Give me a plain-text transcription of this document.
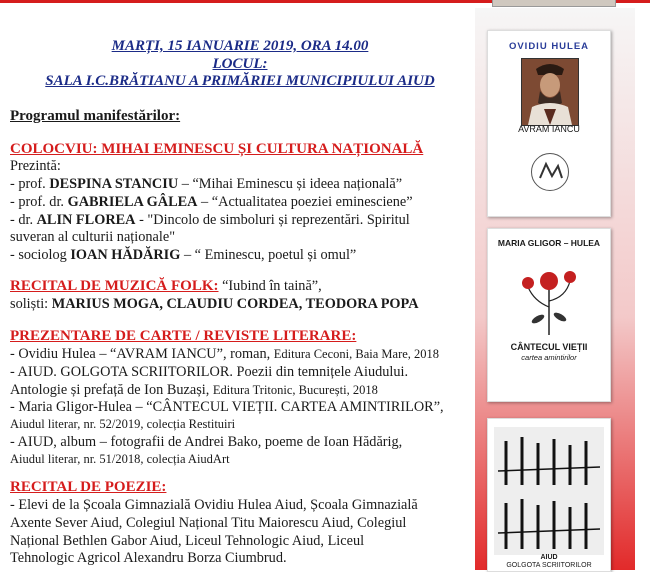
MARȚI, 15 IANUARIE 2019, ORA 14.00
LOCUL:
SALA I.C.BRĂTIANU A PRIMĂRIEI MUNICIPIULUI AIUD
Programul manifestărilor:
COLOCVIU: MIHAI EMINESCU ȘI CULTURA NAȚIONALĂ
Prezintă:
- prof. DESPINA STANCIU – “Mihai Eminescu și ideea națională”
- prof. dr. GABRIELA GÂLEA – “Actualitatea poeziei eminesciene”
- dr. ALIN FLOREA - "Dincolo de simboluri și reprezentări. Spiritul
suveran al culturii naționale"
- sociolog IOAN HĂDĂRIG – “ Eminescu, poetul și omul”
RECITAL DE MUZICĂ FOLK: “Iubind în taină”,
soliști: MARIUS MOGA, CLAUDIU CORDEA, TEODORA POPA
PREZENTARE DE CARTE / REVISTE LITERARE:
- Ovidiu Hulea – “AVRAM IANCU”, roman, Editura Ceconi, Baia Mare, 2018
- AIUD. GOLGOTA SCRIITORILOR. Poezii din temnițele Aiudului.
Antologie și prefață de Ion Buzași, Editura Tritonic, București, 2018
- Maria Gligor-Hulea – “CÂNTECUL VIEȚII. CARTEA AMINTIRILOR”,
Aiudul literar, nr. 52/2019, colecția Restituiri
- AIUD, album – fotografii de Andrei Bako, poeme de Ioan Hădărig,
Aiudul literar, nr. 51/2018, colecția AiudArt
RECITAL DE POEZIE:
- Elevi de la Școala Gimnazială Ovidiu Hulea Aiud, Școala Gimnazială
Axente Sever Aiud, Colegiul Național Titu Maiorescu Aiud, Colegiul
Național Bethlen Gabor Aiud, Liceul Tehnologic Aiud, Liceul
Tehnologic Agricol Alexandru Borza Ciumbrud.
OVIDIU HULEA
AVRAM IANCU
MARIA GLIGOR – HULEA
CÂNTECUL VIEȚII
cartea amintirilor
AIUD
GOLGOTA SCRIITORILOR
